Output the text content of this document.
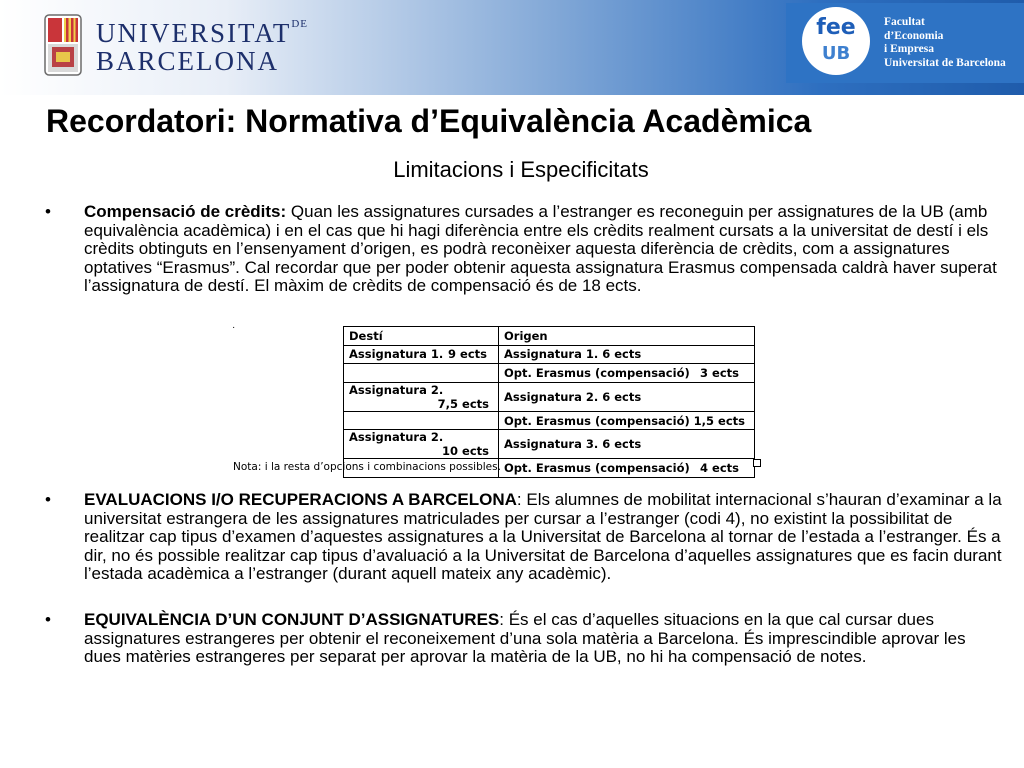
$UNIVERSITAT^{DE}$
BARCELONA
fee
UB
Facultat
d’Economia
i Empresa
Universitat de Barcelona
Recordatori: Normativa d’Equivalència Acadèmica
Limitacions i Especificitats
• Compensació de crèdits: Quan les assignatures cursades a l’estranger es reconeguin per assignatures de la UB (amb equivalència acadèmica) i en el cas que hi hagi diferència entre els crèdits realment cursats a la universitat de destí i els crèdits obtinguts en l’ensenyament d’origen, es podrà reconèixer aquesta diferència de crèdits, com a assignatures optatives “Erasmus”. Cal recordar que per poder obtenir aquesta assignatura Erasmus compensada caldrà haver superat l’assignatura de destí. El màxim de crèdits de compensació és de 18 ects.
·
Destí	Origen
Assignatura 1. 9 ects	Assignatura 1. 6 ects

	Opt. Erasmus (compensació) 3 ects

Assignatura 2.
7,5 ects	Assignatura 2. 6 ects

	Opt. Erasmus (compensació) 1,5 ects

Assignatura 2.
10 ects	Assignatura 3. 6 ects

	Opt. Erasmus (compensació) 4 ects
Nota: i la resta d’opcions i combinacions possibles.
• EVALUACIONS I/O RECUPERACIONS A BARCELONA: Els alumnes de mobilitat internacional s’hauran d’examinar a la universitat estrangera de les assignatures matriculades per cursar a l’estranger (codi 4), no existint la possibilitat de realitzar cap tipus d’examen d’aquestes assignatures a la Universitat de Barcelona al tornar de l’estada a l’estranger. És a dir, no és possible realitzar cap tipus d’avaluació a la Universitat de Barcelona d’aquelles assignatures que es facin durant l’estada acadèmica a l’estranger (durant aquell mateix any acadèmic).
• EQUIVALÈNCIA D’UN CONJUNT D’ASSIGNATURES: És el cas d’aquelles situacions en la que cal cursar dues assignatures estrangeres per obtenir el reconeixement d’una sola matèria a Barcelona. És imprescindible aprovar les dues matèries estrangeres per separat per aprovar la matèria de la UB, no hi ha compensació de notes.
